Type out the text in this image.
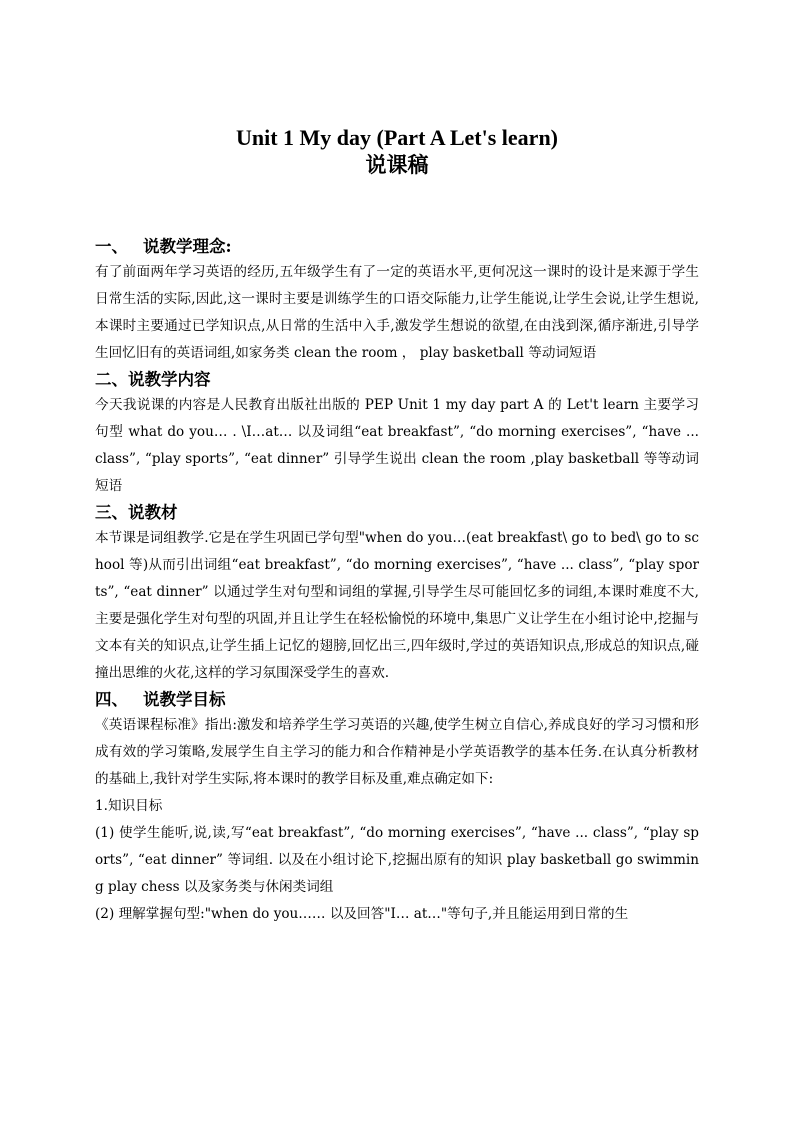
Unit 1 My day (Part A Let's learn)
说课稿
一、 说教学理念:

有了前面两年学习英语的经历,五年级学生有了一定的英语水平,更何况这一课时的设计是来源于学生日常生活的实际,因此,这一课时主要是训练学生的口语交际能力,让学生能说,让学生会说,让学生想说,本课时主要通过已学知识点,从日常的生活中入手,激发学生想说的欲望,在由浅到深,循序渐进,引导学生回忆旧有的英语词组,如家务类 clean the room ， play basketball 等动词短语

二、说教学内容

今天我说课的内容是人民教育出版社出版的 PEP Unit 1 my day part A 的 Let't learn 主要学习句型 what do you… . \I…at… 以及词组“eat breakfast”, “do morning exercises”, “have ... class”, “play sports”, “eat dinner” 引导学生说出 clean the room ,play basketball 等等动词短语

三、说教材

本节课是词组教学.它是在学生巩固已学句型"when do you…(eat breakfast\ go to bed\ go to school 等)从而引出词组“eat breakfast”, “do morning exercises”, “have ... class”, “play sports”, “eat dinner” 以通过学生对句型和词组的掌握,引导学生尽可能回忆多的词组,本课时难度不大,主要是强化学生对句型的巩固,并且让学生在轻松愉悦的环境中,集思广义让学生在小组讨论中,挖掘与文本有关的知识点,让学生插上记忆的翅膀,回忆出三,四年级时,学过的英语知识点,形成总的知识点,碰撞出思维的火花,这样的学习氛围深受学生的喜欢.

四、 说教学目标

《英语课程标准》指出:激发和培养学生学习英语的兴趣,使学生树立自信心,养成良好的学习习惯和形成有效的学习策略,发展学生自主学习的能力和合作精神是小学英语教学的基本任务.在认真分析教材的基础上,我针对学生实际,将本课时的教学目标及重,难点确定如下:

1.知识目标

(1) 使学生能听,说,读,写“eat breakfast”, “do morning exercises”, “have ... class”, “play sports”, “eat dinner” 等词组. 以及在小组讨论下,挖掘出原有的知识 play basketball go swimming play chess 以及家务类与休闲类词组

(2) 理解掌握句型:"when do you…… 以及回答"I… at…"等句子,并且能运用到日常的生
